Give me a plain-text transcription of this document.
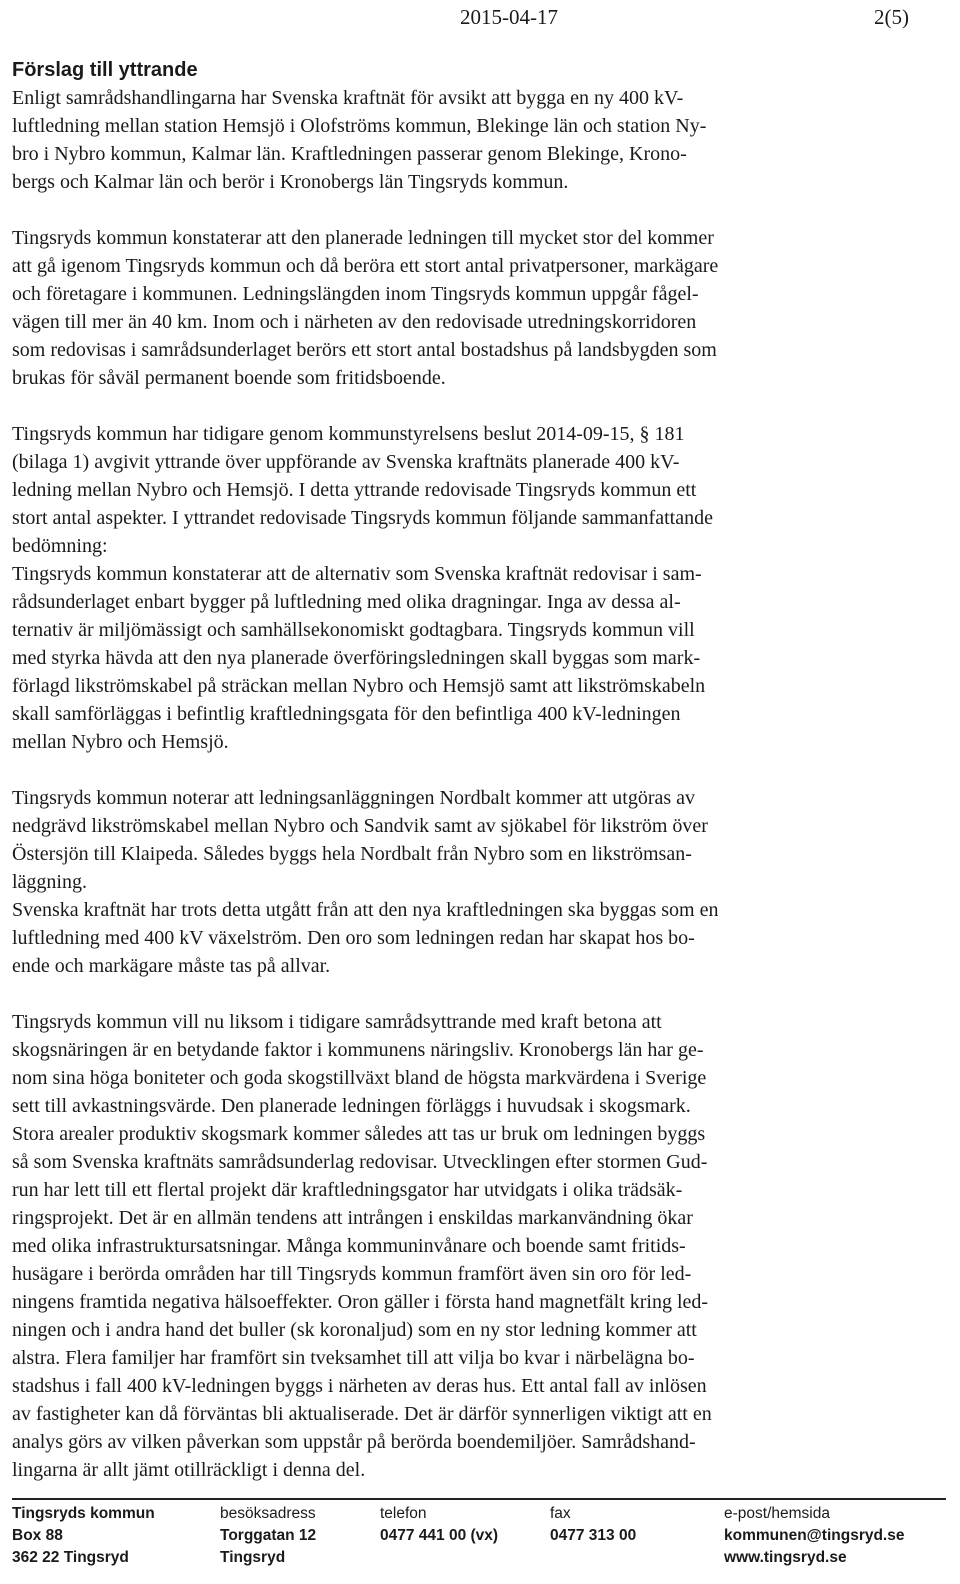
2015-04-17	2(5)
Förslag till yttrande

Enligt samrådshandlingarna har Svenska kraftnät för avsikt att bygga en ny 400 kV-
luftledning mellan station Hemsjö i Olofströms kommun, Blekinge län och station Ny-
bro i Nybro kommun, Kalmar län. Kraftledningen passerar genom Blekinge, Krono-
bergs och Kalmar län och berör i Kronobergs län Tingsryds kommun.

Tingsryds kommun konstaterar att den planerade ledningen till mycket stor del kommer
att gå igenom Tingsryds kommun och då beröra ett stort antal privatpersoner, markägare
och företagare i kommunen. Ledningslängden inom Tingsryds kommun uppgår fågel-
vägen till mer än 40 km. Inom och i närheten av den redovisade utredningskorridoren
som redovisas i samrådsunderlaget berörs ett stort antal bostadshus på landsbygden som
brukas för såväl permanent boende som fritidsboende.

Tingsryds kommun har tidigare genom kommunstyrelsens beslut 2014-09-15, § 181
(bilaga 1) avgivit yttrande över uppförande av Svenska kraftnäts planerade 400 kV-
ledning mellan Nybro och Hemsjö. I detta yttrande redovisade Tingsryds kommun ett
stort antal aspekter. I yttrandet redovisade Tingsryds kommun följande sammanfattande
bedömning:
Tingsryds kommun konstaterar att de alternativ som Svenska kraftnät redovisar i sam-
rådsunderlaget enbart bygger på luftledning med olika dragningar. Inga av dessa al-
ternativ är miljömässigt och samhällsekonomiskt godtagbara. Tingsryds kommun vill
med styrka hävda att den nya planerade överföringsledningen skall byggas som mark-
förlagd likströmskabel på sträckan mellan Nybro och Hemsjö samt att likströmskabeln
skall samförläggas i befintlig kraftledningsgata för den befintliga 400 kV-ledningen
mellan Nybro och Hemsjö.

Tingsryds kommun noterar att ledningsanläggningen Nordbalt kommer att utgöras av
nedgrävd likströmskabel mellan Nybro och Sandvik samt av sjökabel för likström över
Östersjön till Klaipeda. Således byggs hela Nordbalt från Nybro som en likströmsan-
läggning.
Svenska kraftnät har trots detta utgått från att den nya kraftledningen ska byggas som en
luftledning med 400 kV växelström. Den oro som ledningen redan har skapat hos bo-
ende och markägare måste tas på allvar.

Tingsryds kommun vill nu liksom i tidigare samrådsyttrande med kraft betona att
skogsnäringen är en betydande faktor i kommunens näringsliv. Kronobergs län har ge-
nom sina höga boniteter och goda skogstillväxt bland de högsta markvärdena i Sverige
sett till avkastningsvärde. Den planerade ledningen förläggs i huvudsak i skogsmark.
Stora arealer produktiv skogsmark kommer således att tas ur bruk om ledningen byggs
så som Svenska kraftnäts samrådsunderlag redovisar. Utvecklingen efter stormen Gud-
run har lett till ett flertal projekt där kraftledningsgator har utvidgats i olika trädsäk-
ringsprojekt. Det är en allmän tendens att intrången i enskildas markanvändning ökar
med olika infrastruktursatsningar. Många kommuninvånare och boende samt fritids-
husägare i berörda områden har till Tingsryds kommun framfört även sin oro för led-
ningens framtida negativa hälsoeffekter. Oron gäller i första hand magnetfält kring led-
ningen och i andra hand det buller (sk koronaljud) som en ny stor ledning kommer att
alstra. Flera familjer har framfört sin tveksamhet till att vilja bo kvar i närbelägna bo-
stadshus i fall 400 kV-ledningen byggs i närheten av deras hus. Ett antal fall av inlösen
av fastigheter kan då förväntas bli aktualiserade. Det är därför synnerligen viktigt att en
analys görs av vilken påverkan som uppstår på berörda boendemiljöer. Samrådshand-
lingarna är allt jämt otillräckligt i denna del.

Tingsryds kommun
Box 88
362 22 Tingsryd
besöksadress
Torggatan 12
Tingsryd
telefon
0477 441 00 (vx)
fax
0477 313 00
e-post/hemsida
kommunen@tingsryd.se
www.tingsryd.se
